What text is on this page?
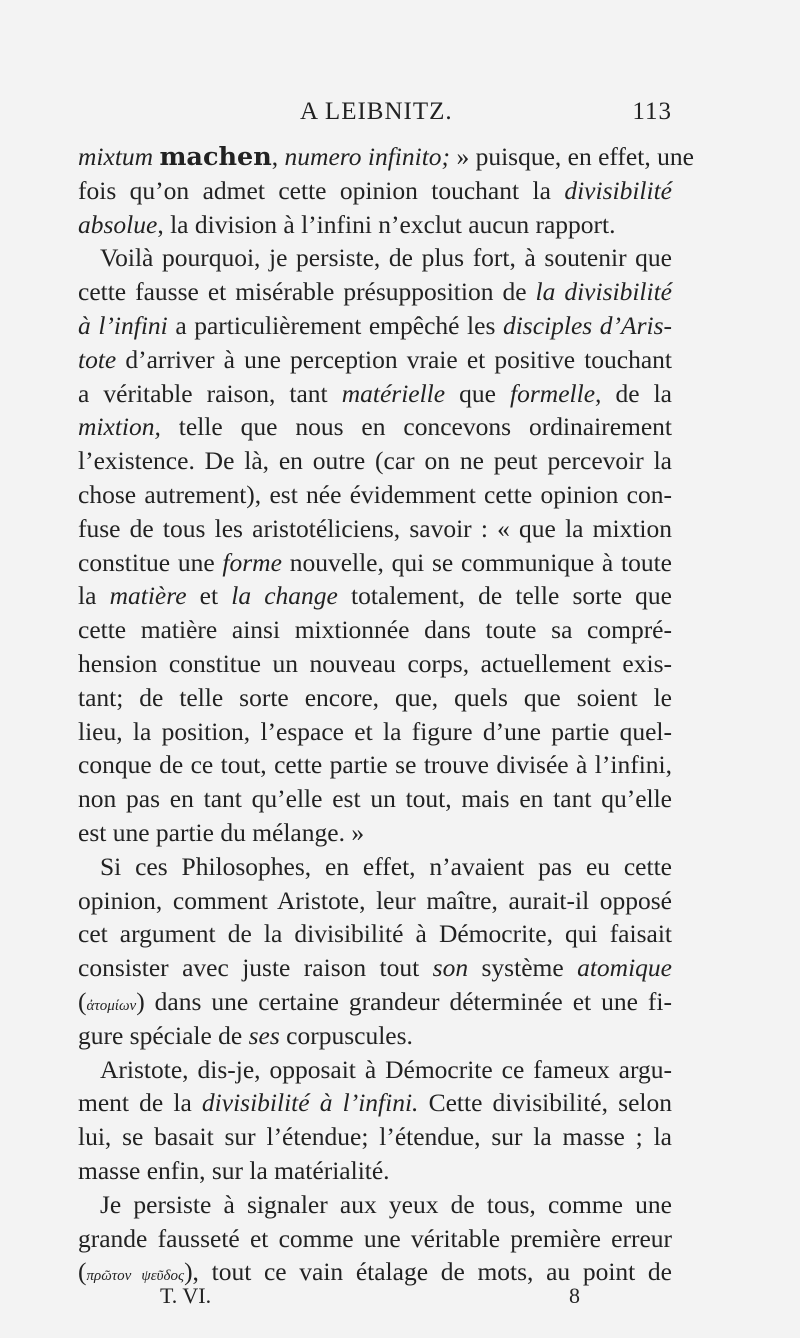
A LEIBNITZ.	113
mixtum machen, numero infinito; » puisque, en effet, une
fois qu’on admet cette opinion touchant la divisibilité
absolue, la division à l’infini n’exclut aucun rapport.
Voilà pourquoi, je persiste, de plus fort, à soutenir que
cette fausse et misérable présupposition de la divisibilité
à l’infini a particulièrement empêché les disciples d’Aris-
tote d’arriver à une perception vraie et positive touchant
a véritable raison, tant matérielle que formelle, de la
mixtion, telle que nous en concevons ordinairement
l’existence. De là, en outre (car on ne peut percevoir la
chose autrement), est née évidemment cette opinion con-
fuse de tous les aristotéliciens, savoir : « que la mixtion
constitue une forme nouvelle, qui se communique à toute
la matière et la change totalement, de telle sorte que
cette matière ainsi mixtionnée dans toute sa compré-
hension constitue un nouveau corps, actuellement exis-
tant; de telle sorte encore, que, quels que soient le
lieu, la position, l’espace et la figure d’une partie quel-
conque de ce tout, cette partie se trouve divisée à l’infini,
non pas en tant qu’elle est un tout, mais en tant qu’elle
est une partie du mélange. »
Si ces Philosophes, en effet, n’avaient pas eu cette
opinion, comment Aristote, leur maître, aurait-il opposé
cet argument de la divisibilité à Démocrite, qui faisait
consister avec juste raison tout son système atomique
(ἀτομίων) dans une certaine grandeur déterminée et une fi-
gure spéciale de ses corpuscules.
Aristote, dis-je, opposait à Démocrite ce fameux argu-
ment de la divisibilité à l’infini. Cette divisibilité, selon
lui, se basait sur l’étendue; l’étendue, sur la masse ; la
masse enfin, sur la matérialité.
Je persiste à signaler aux yeux de tous, comme une
grande fausseté et comme une véritable première erreur
(πρῶτον ψεῦδος), tout ce vain étalage de mots, au point de
T. VI.	8
